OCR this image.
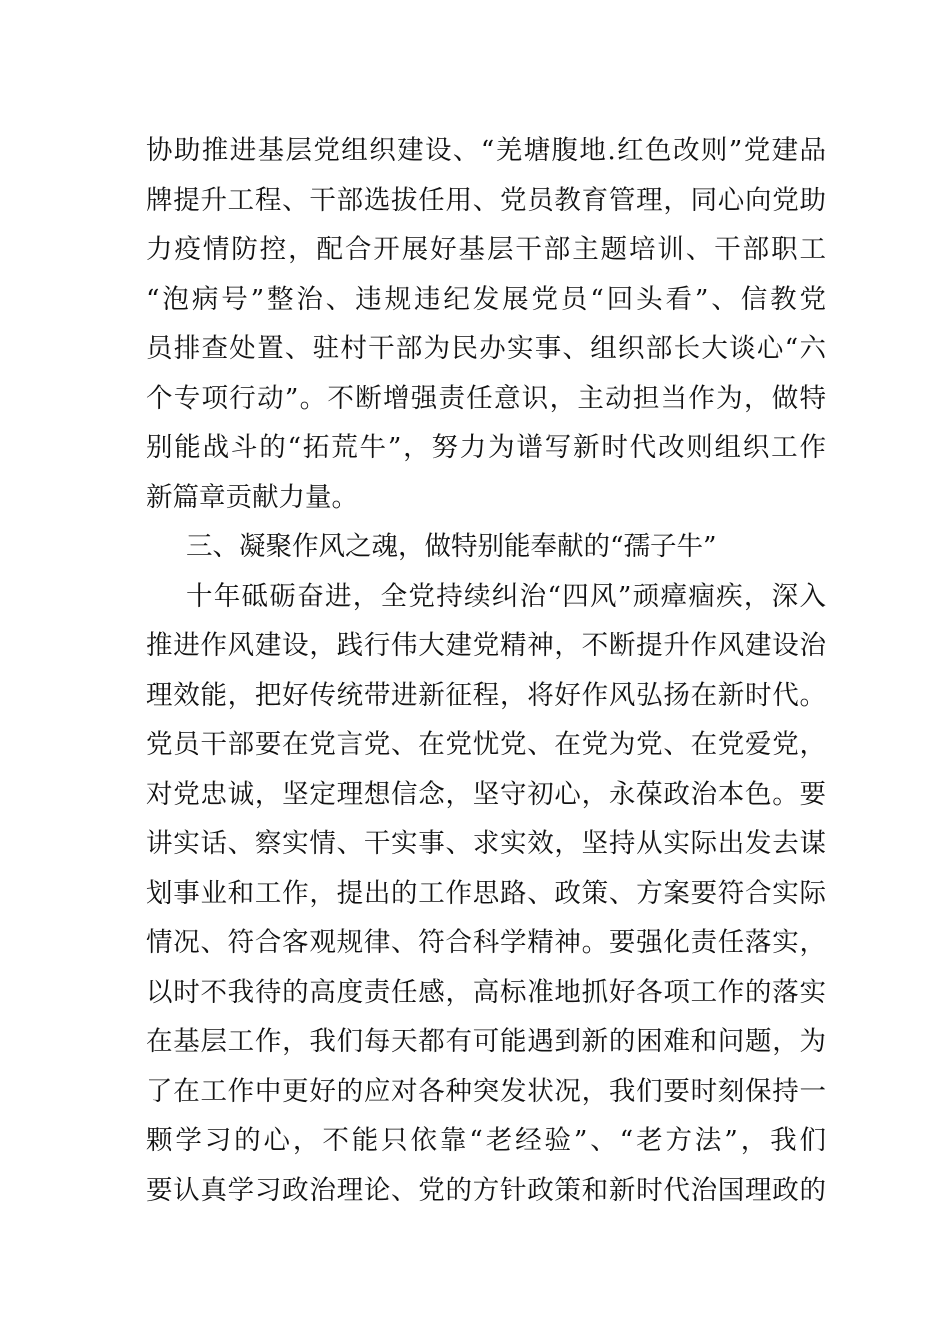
协助推进基层党组织建设、“羌塘腹地.红色改则”党建品
牌提升工程、干部选拔任用、党员教育管理，同心向党助
力疫情防控，配合开展好基层干部主题培训、干部职工
“泡病号”整治、违规违纪发展党员“回头看”、信教党
员排查处置、驻村干部为民办实事、组织部长大谈心“六
个专项行动”。不断增强责任意识，主动担当作为，做特
别能战斗的“拓荒牛”，努力为谱写新时代改则组织工作
新篇章贡献力量。
三、凝聚作风之魂，做特别能奉献的“孺子牛”
十年砥砺奋进，全党持续纠治“四风”顽瘴痼疾，深入
推进作风建设，践行伟大建党精神，不断提升作风建设治
理效能，把好传统带进新征程，将好作风弘扬在新时代。
党员干部要在党言党、在党忧党、在党为党、在党爱党，
对党忠诚，坚定理想信念，坚守初心，永葆政治本色。要
讲实话、察实情、干实事、求实效，坚持从实际出发去谋
划事业和工作，提出的工作思路、政策、方案要符合实际
情况、符合客观规律、符合科学精神。要强化责任落实，
以时不我待的高度责任感，高标准地抓好各项工作的落实
在基层工作，我们每天都有可能遇到新的困难和问题，为
了在工作中更好的应对各种突发状况，我们要时刻保持一
颗学习的心，不能只依靠“老经验”、“老方法”，我们
要认真学习政治理论、党的方针政策和新时代治国理政的
